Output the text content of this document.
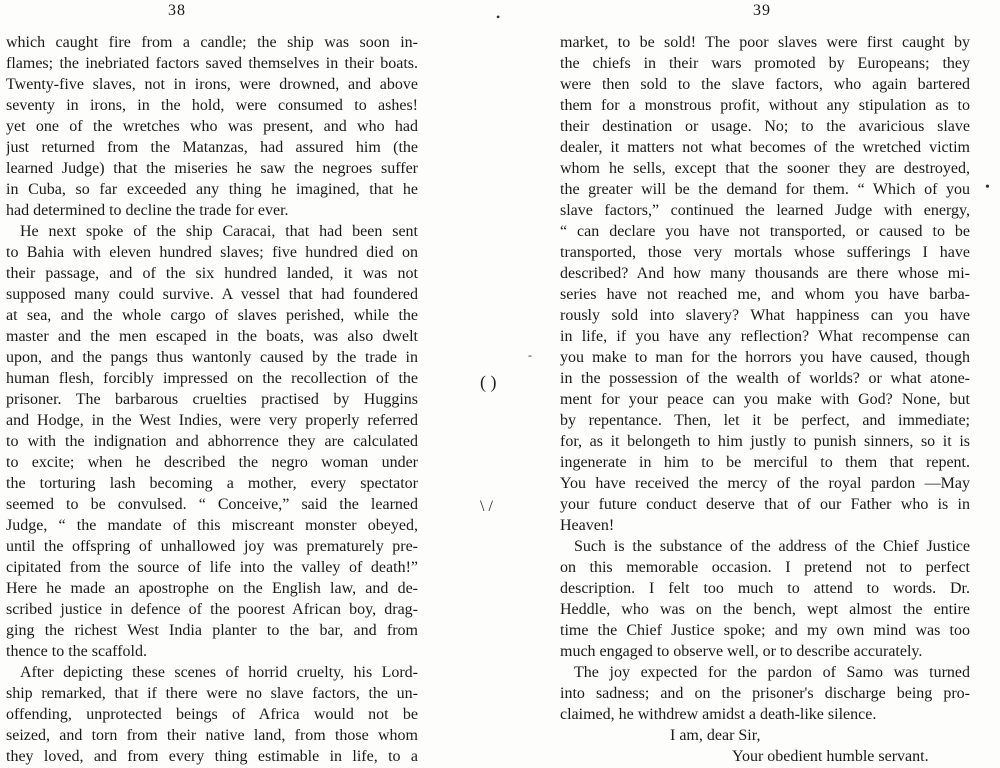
38
which caught fire from a candle; the ship was soon in-
flames; the inebriated factors saved themselves in their boats.
Twenty-five slaves, not in irons, were drowned, and above
seventy in irons, in the hold, were consumed to ashes!
yet one of the wretches who was present, and who had
just returned from the Matanzas, had assured him (the
learned Judge) that the miseries he saw the negroes suffer
in Cuba, so far exceeded any thing he imagined, that he
had determined to decline the trade for ever.
He next spoke of the ship Caracai, that had been sent
to Bahia with eleven hundred slaves; five hundred died on
their passage, and of the six hundred landed, it was not
supposed many could survive. A vessel that had foundered
at sea, and the whole cargo of slaves perished, while the
master and the men escaped in the boats, was also dwelt
upon, and the pangs thus wantonly caused by the trade in
human flesh, forcibly impressed on the recollection of the
prisoner. The barbarous cruelties practised by Huggins
and Hodge, in the West Indies, were very properly referred
to with the indignation and abhorrence they are calculated
to excite; when he described the negro woman under
the torturing lash becoming a mother, every spectator
seemed to be convulsed. “ Conceive,” said the learned
Judge, “ the mandate of this miscreant monster obeyed,
until the offspring of unhallowed joy was prematurely pre-
cipitated from the source of life into the valley of death!”
Here he made an apostrophe on the English law, and de-
scribed justice in defence of the poorest African boy, drag-
ging the richest West India planter to the bar, and from
thence to the scaffold.
After depicting these scenes of horrid cruelty, his Lord-
ship remarked, that if there were no slave factors, the un-
offending, unprotected beings of Africa would not be
seized, and torn from their native land, from those whom
they loved, and from every thing estimable in life, to a
( )
\ /
•
-
•
39
market, to be sold! The poor slaves were first caught by
the chiefs in their wars promoted by Europeans; they
were then sold to the slave factors, who again bartered
them for a monstrous profit, without any stipulation as to
their destination or usage. No; to the avaricious slave
dealer, it matters not what becomes of the wretched victim
whom he sells, except that the sooner they are destroyed,
the greater will be the demand for them. “ Which of you
slave factors,” continued the learned Judge with energy,
“ can declare you have not transported, or caused to be
transported, those very mortals whose sufferings I have
described? And how many thousands are there whose mi-
series have not reached me, and whom you have barba-
rously sold into slavery? What happiness can you have
in life, if you have any reflection? What recompense can
you make to man for the horrors you have caused, though
in the possession of the wealth of worlds? or what atone-
ment for your peace can you make with God? None, but
by repentance. Then, let it be perfect, and immediate;
for, as it belongeth to him justly to punish sinners, so it is
ingenerate in him to be merciful to them that repent.
You have received the mercy of the royal pardon —May
your future conduct deserve that of our Father who is in
Heaven!
Such is the substance of the address of the Chief Justice
on this memorable occasion. I pretend not to perfect
description. I felt too much to attend to words. Dr.
Heddle, who was on the bench, wept almost the entire
time the Chief Justice spoke; and my own mind was too
much engaged to observe well, or to describe accurately.
The joy expected for the pardon of Samo was turned
into sadness; and on the prisoner's discharge being pro-
claimed, he withdrew amidst a death-like silence.
I am, dear Sir,
Your obedient humble servant.
